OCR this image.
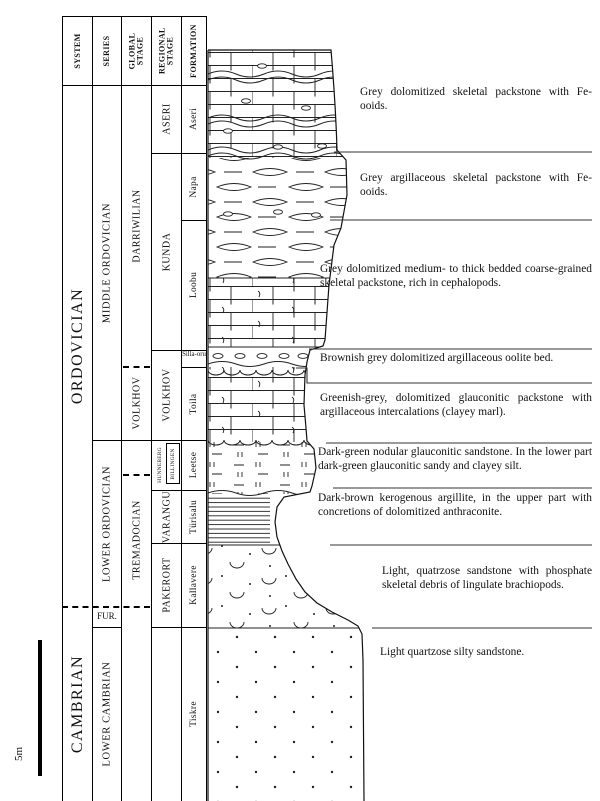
SYSTEM	SERIES GLOBAL STAGE REGIONAL STAGE FORMATION
ORDOVICIAN
CAMBRIAN
MIDDLE ORDOVICIAN
LOWER ORDOVICIAN
FUR.
LOWER CAMBRIAN
DARRIWILIAN
VOLKHOV
TREMADOCIAN
ASERI
KUNDA
VOLKHOV
HUNNEBERG BILLINGEN
VARANGU
PAKERORT
Aseri
Napa
Loobu
Silla-oru
Toila
Leetse
Türisalu
Kallavere
Tiskre
Grey dolomitized skeletal packstone with Fe-ooids.
Grey argillaceous skeletal packstone with Fe-ooids.
Grey dolomitized medium- to thick bedded coarse-grained skeletal packstone, rich in cephalopods.
Brownish grey dolomitized argillaceous oolite bed.
Greenish-grey, dolomitized glauconitic packstone with argillaceous intercalations (clayey marl).
Dark-green nodular glauconitic sandstone. In the lower part dark-green glauconitic sandy and clayey silt.
Dark-brown kerogenous argillite, in the upper part with concretions of dolomitized anthraconite.
Light, quatrzose sandstone with phosphate skeletal debris of lingulate brachiopods.
Light quartzose silty sandstone.
5m
